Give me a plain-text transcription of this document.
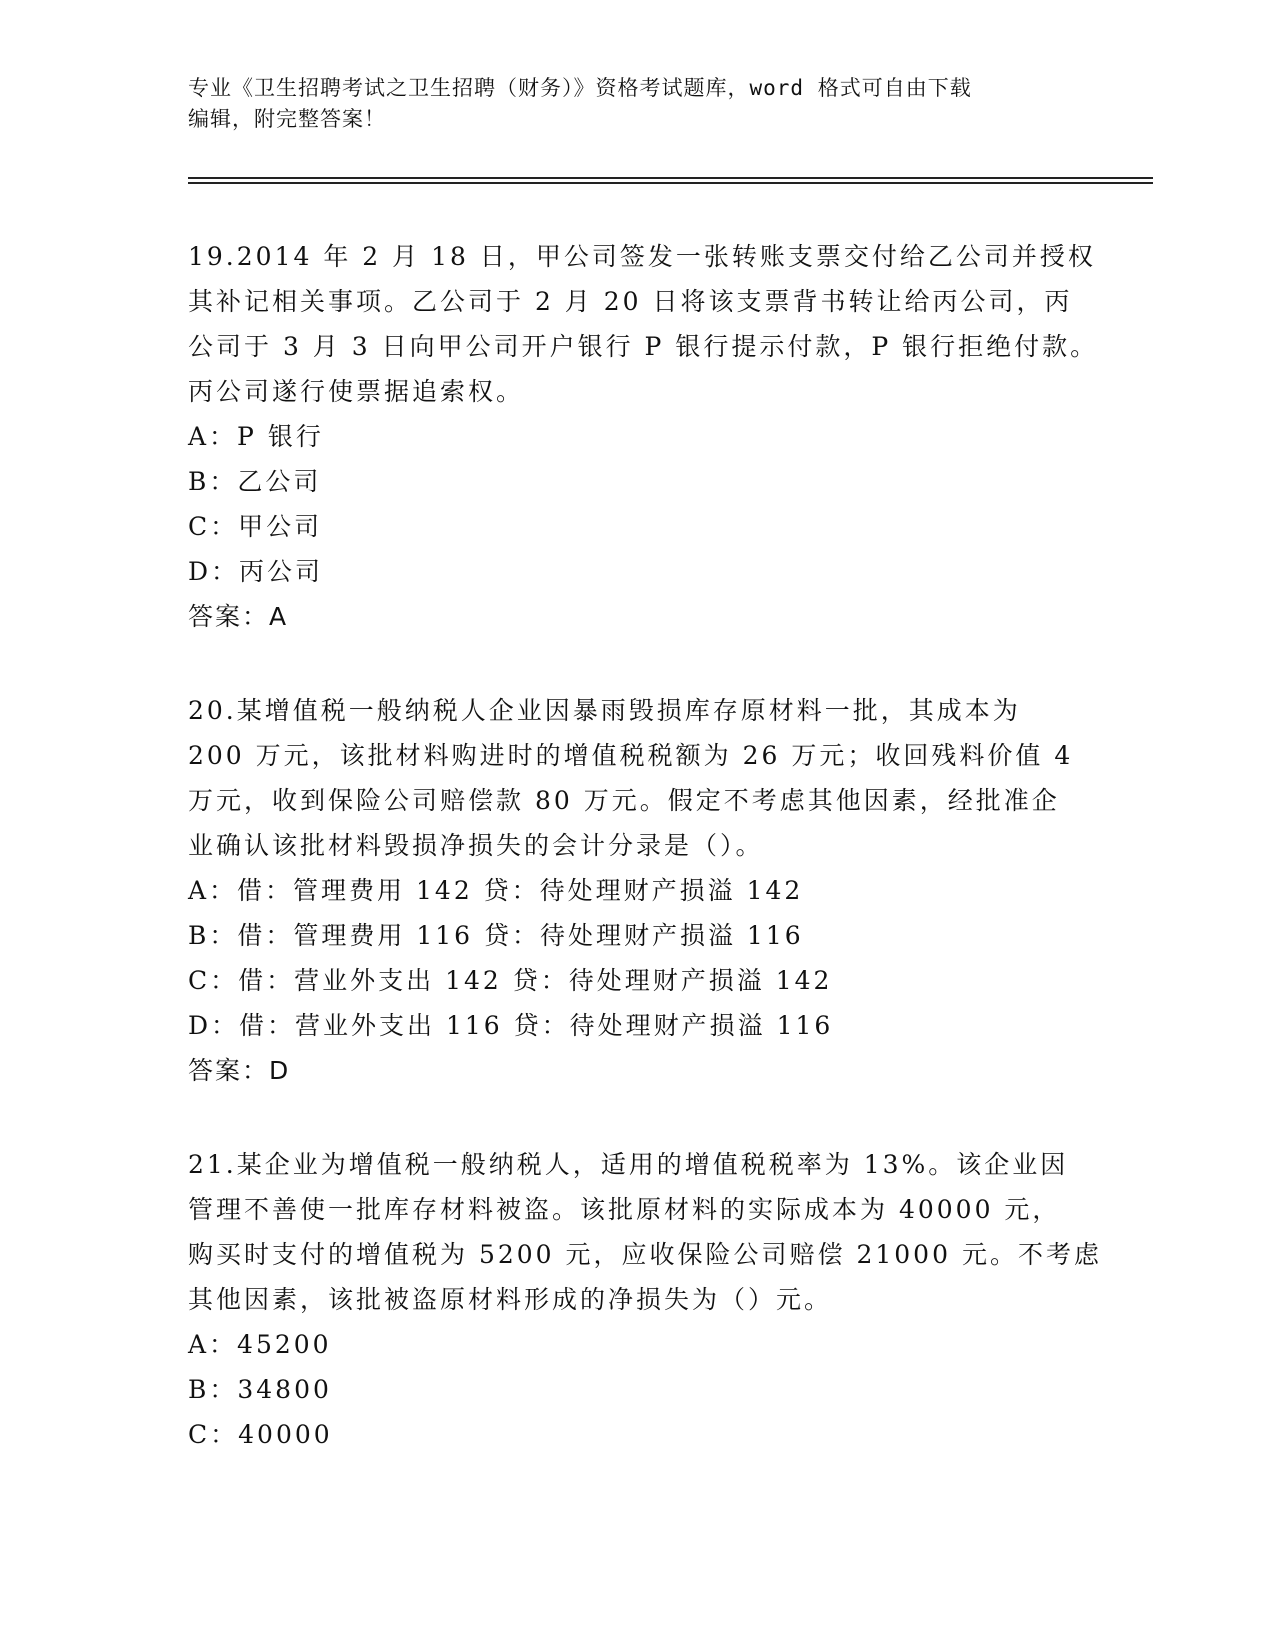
专业《卫生招聘考试之卫生招聘（财务）》资格考试题库，word 格式可自由下载
编辑，附完整答案！
19.2014 年 2 月 18 日，甲公司签发一张转账支票交付给乙公司并授权
其补记相关事项。乙公司于 2 月 20 日将该支票背书转让给丙公司，丙
公司于 3 月 3 日向甲公司开户银行 P 银行提示付款，P 银行拒绝付款。
丙公司遂行使票据追索权。
A：P 银行
B：乙公司
C：甲公司
D：丙公司
答案：A
20.某增值税一般纳税人企业因暴雨毁损库存原材料一批，其成本为
200 万元，该批材料购进时的增值税税额为 26 万元；收回残料价值 4
万元，收到保险公司赔偿款 80 万元。假定不考虑其他因素，经批准企
业确认该批材料毁损净损失的会计分录是（）。
A：借：管理费用 142 贷：待处理财产损溢 142
B：借：管理费用 116 贷：待处理财产损溢 116
C：借：营业外支出 142 贷：待处理财产损溢 142
D：借：营业外支出 116 贷：待处理财产损溢 116
答案：D
21.某企业为增值税一般纳税人，适用的增值税税率为 13%。该企业因
管理不善使一批库存材料被盗。该批原材料的实际成本为 40000 元，
购买时支付的增值税为 5200 元，应收保险公司赔偿 21000 元。不考虑
其他因素，该批被盗原材料形成的净损失为（）元。
A：45200
B：34800
C：40000
